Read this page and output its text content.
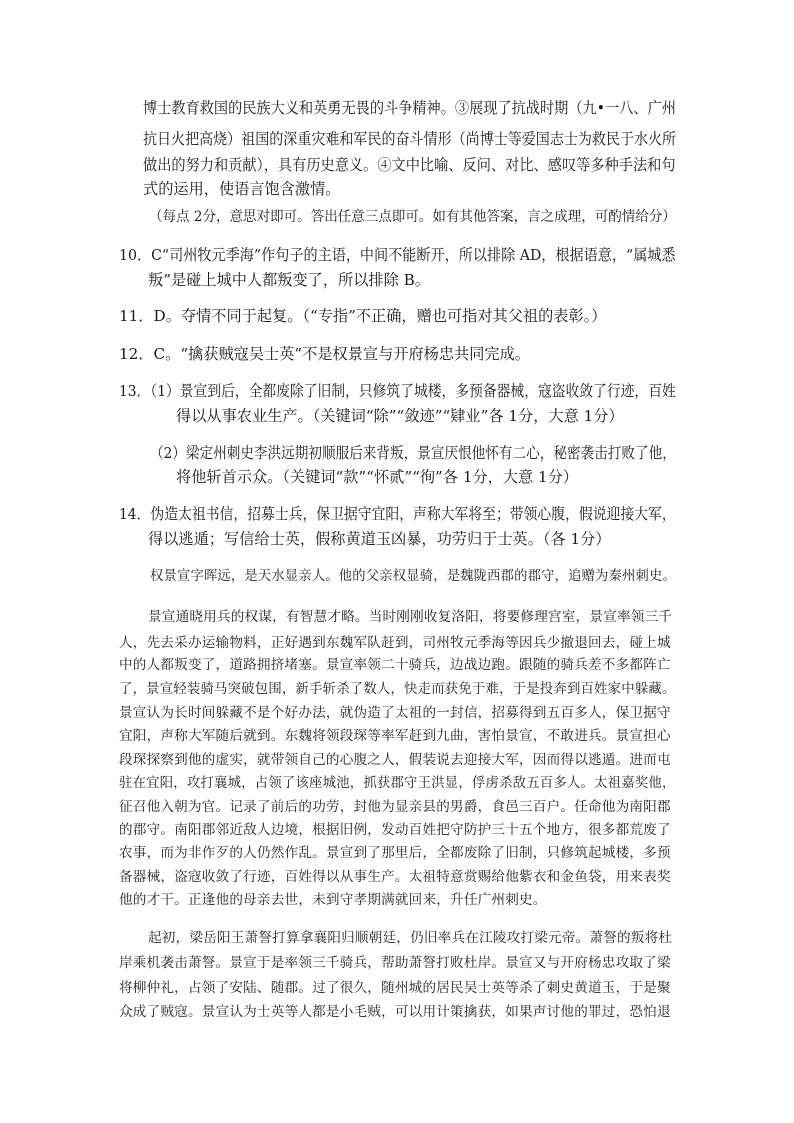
博士教育救国的民族大义和英勇无畏的斗争精神。③展现了抗战时期（九•一八、广州
抗日火把高烧）祖国的深重灾难和军民的奋斗情形（尚博士等爱国志士为救民于水火所
做出的努力和贡献），具有历史意义。④文中比喻、反问、对比、感叹等多种手法和句
式的运用，使语言饱含激情。
（每点 2分，意思对即可。答出任意三点即可。如有其他答案，言之成理，可酌情给分）
10．C“司州牧元季海”作句子的主语，中间不能断开，所以排除 AD，根据语意，“属城悉
叛”是碰上城中人都叛变了，所以排除 B。
11．D。夺情不同于起复。（“专指”不正确，赠也可指对其父祖的表彰。）
12．C。“擒获贼寇吴士英”不是权景宣与开府杨忠共同完成。
13．（1）景宣到后，全都废除了旧制，只修筑了城楼，多预备器械，寇盗收敛了行迹，百姓
得以从事农业生产。（关键词“除”“敛迹”“肄业”各 1分，大意 1分）
（2）梁定州刺史李洪远期初顺服后来背叛，景宣厌恨他怀有二心，秘密袭击打败了他，
将他斩首示众。（关键词“款”“怀贰”“徇”各 1分，大意 1分）
14．伪造太祖书信，招募士兵，保卫据守宜阳，声称大军将至；带领心腹，假说迎接大军，
得以逃遁；写信给士英，假称黄道玉凶暴，功劳归于士英。（各 1分）
权景宣字晖远，是天水显亲人。他的父亲权显骑，是魏陇西郡的郡守，追赠为秦州刺史。
景宣通晓用兵的权谋，有智慧才略。当时刚刚收复洛阳，将要修理宫室，景宣率领三千
人，先去采办运输物料，正好遇到东魏军队赶到，司州牧元季海等因兵少撤退回去，碰上城
中的人都叛变了，道路拥挤堵塞。景宣率领二十骑兵，边战边跑。跟随的骑兵差不多都阵亡
了，景宣轻装骑马突破包围，新手斩杀了数人，快走而获免于难，于是投奔到百姓家中躲藏。
景宣认为长时间躲藏不是个好办法，就伪造了太祖的一封信，招募得到五百多人，保卫据守
宜阳，声称大军随后就到。东魏将领段琛等率军赶到九曲，害怕景宣，不敢进兵。景宣担心
段琛探察到他的虚实，就带领自己的心腹之人，假装说去迎接大军，因而得以逃遁。进而屯
驻在宜阳，攻打襄城，占领了该座城池，抓获郡守王洪显，俘虏杀敌五百多人。太祖嘉奖他，
征召他入朝为官。记录了前后的功劳，封他为显亲县的男爵，食邑三百户。任命他为南阳郡
的郡守。南阳郡邻近敌人边境，根据旧例，发动百姓把守防护三十五个地方，很多都荒废了
农事，而为非作歹的人仍然作乱。景宣到了那里后，全都废除了旧制，只修筑起城楼，多预
备器械，盗寇收敛了行迹，百姓得以从事生产。太祖特意赏赐给他紫衣和金鱼袋，用来表奖
他的才干。正逢他的母亲去世，未到守孝期满就回来，升任广州刺史。
起初，梁岳阳王萧詧打算拿襄阳归顺朝廷，仍旧率兵在江陵攻打梁元帝。萧詧的叛将杜
岸乘机袭击萧詧。景宣于是率领三千骑兵，帮助萧詧打败杜岸。景宣又与开府杨忠攻取了梁
将柳仲礼，占领了安陆、随郡。过了很久，随州城的居民吴士英等杀了刺史黄道玉，于是聚
众成了贼寇。景宣认为士英等人都是小毛贼，可以用计策擒获，如果声讨他的罪过，恐怕退
